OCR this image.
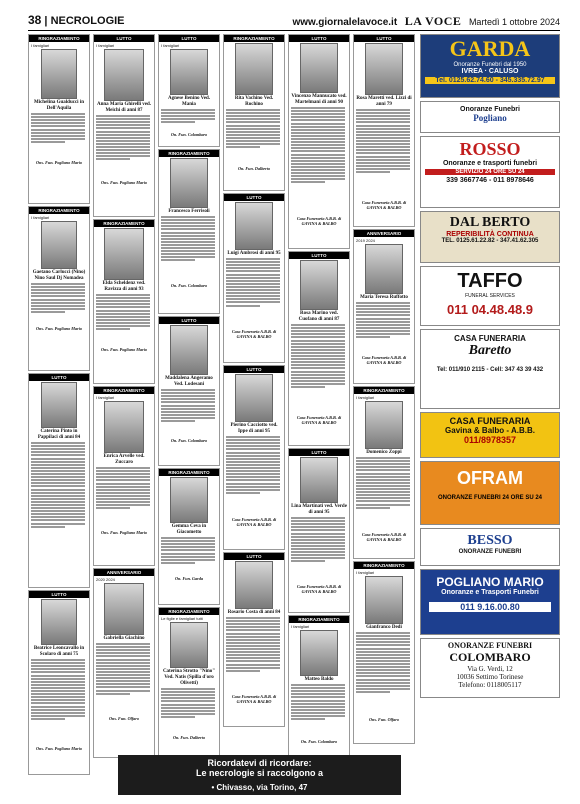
38 | NECROLOGIE	www.giornalelavoce.it LA VOCE Martedì 1 ottobre 2024
RINGRAZIAMENTO
I famigliari
Michelina Gualducci in Dell'Aquila
Ons. Fun. Pogliano Mario
RINGRAZIAMENTO
I famigliari
Gaetano Carlucci (Nino) Nino Saul Dj Nomadea
Ons. Fun. Pogliano Mario
LUTTO
Caterina Pinto in Pappilaci di anni 84
LUTTO
Beatrice Leoncavallo in Scolaro di anni 75
Ons. Fun. Pogliano Mario
LUTTO
I famigliari
Anna Maria Ghirelli ved. Meichi di anni 87
Ons. Fun. Pogliano Mario
RINGRAZIAMENTO
Elda Scheldenz ved. Ravizza di anni 93
Ons. Fun. Pogliano Mario
RINGRAZIAMENTO
I famigliari
Enrica Arvelle ved. Zuccaro
Ons. Fun. Pogliano Mario
ANNIVERSARIO
2020 2024
Gabriella Giachino
Ons. Fun. Olfaro
LUTTO
I famigliari
Agnese Benino Ved. Mania
On. Fun. Colombaro
RINGRAZIAMENTO
Francesco Ferrisoli
On. Fun. Colombaro
LUTTO
Maddalena Angeramo Ved. Lodesani
On. Fun. Colombaro
RINGRAZIAMENTO
Gemma Ceva in Giacometto
On. Fun. Garda
RINGRAZIAMENTO
Le figlie e famigliari tutti
Caterina Strotto "Nino" Ved. Natis (Spilla d'oro Olivetti)
On. Fun. Dalberto
RINGRAZIAMENTO
Rita Vachino Ved. Rochino
On. Fun. Dalberto
LUTTO
Luigi Ambrosi di anni 95
Casa Funeraria A.B.B. di GAVINA & BALBO
LUTTO
Pierino Cacciotto ved. Ippe di anni 95
Casa Funeraria A.B.B. di GAVINA & BALBO
LUTTO
Rosario Costa di anni 84
Casa Funeraria A.B.B. di GAVINA & BALBO
LUTTO
Vincenzo Mannucato ved. Martelmani di anni 90
Casa Funeraria A.B.B. di GAVINA & BALBO
LUTTO
Rosa Marino ved. Cuofano di anni 87
Casa Funeraria A.B.B. di GAVINA & BALBO
LUTTO
Lina Martinati ved. Verde di anni 95
Casa Funeraria A.B.B. di GAVINA & BALBO
RINGRAZIAMENTO
I famigliari
Matteo Baldo
On. Fun. Colombaro
LUTTO
Rosa Maretti ved. Lizzi di anni 79
Casa Funeraria A.B.B. di GAVINA & BALBO
ANNIVERSARIO
2019 2024
Maria Teresa Ruffotto
Casa Funeraria A.B.B. di GAVINA & BALBO
RINGRAZIAMENTO
I famigliari
Domenico Zoppi
Casa Funeraria A.B.B. di GAVINA & BALBO
RINGRAZIAMENTO
I famigliari
Gianfranco Dedi
Ons. Fun. Olfaro
GARDA
Onoranze Funebri dal 1950
IVREA · CALUSO
Tel. 0125.62.74.60 - 345.335.72.97
Onoranze Funebri
Pogliano
ROSSO
Onoranze e trasporti funebri
SERVIZIO 24 ORE SU 24
339 3667746 - 011 8978646
DAL BERTO
REPERIBILITÀ CONTINUA
TEL. 0125.61.22.82 - 347.41.62.305
TAFFO
FUNERAL SERVICES
011 04.48.48.9
CASA FUNERARIA
Baretto
Tel: 011/910 2115 - Cell: 347 43 39 432
CASA FUNERARIA
Gavina & Balbo - A.B.B.
011/8978357
OFRAM
ONORANZE FUNEBRI 24 ORE SU 24
BESSO
ONORANZE FUNEBRI
POGLIANO MARIO
Onoranze e Trasporti Funebri
011 9.16.00.80
ONORANZE FUNEBRI
COLOMBARO
Via G. Verdi, 12
10036 Settimo Torinese
Telefono: 0118005117
Ricordatevi di ricordare:
Le necrologie si raccolgono a
• Chivasso, via Torino, 47
